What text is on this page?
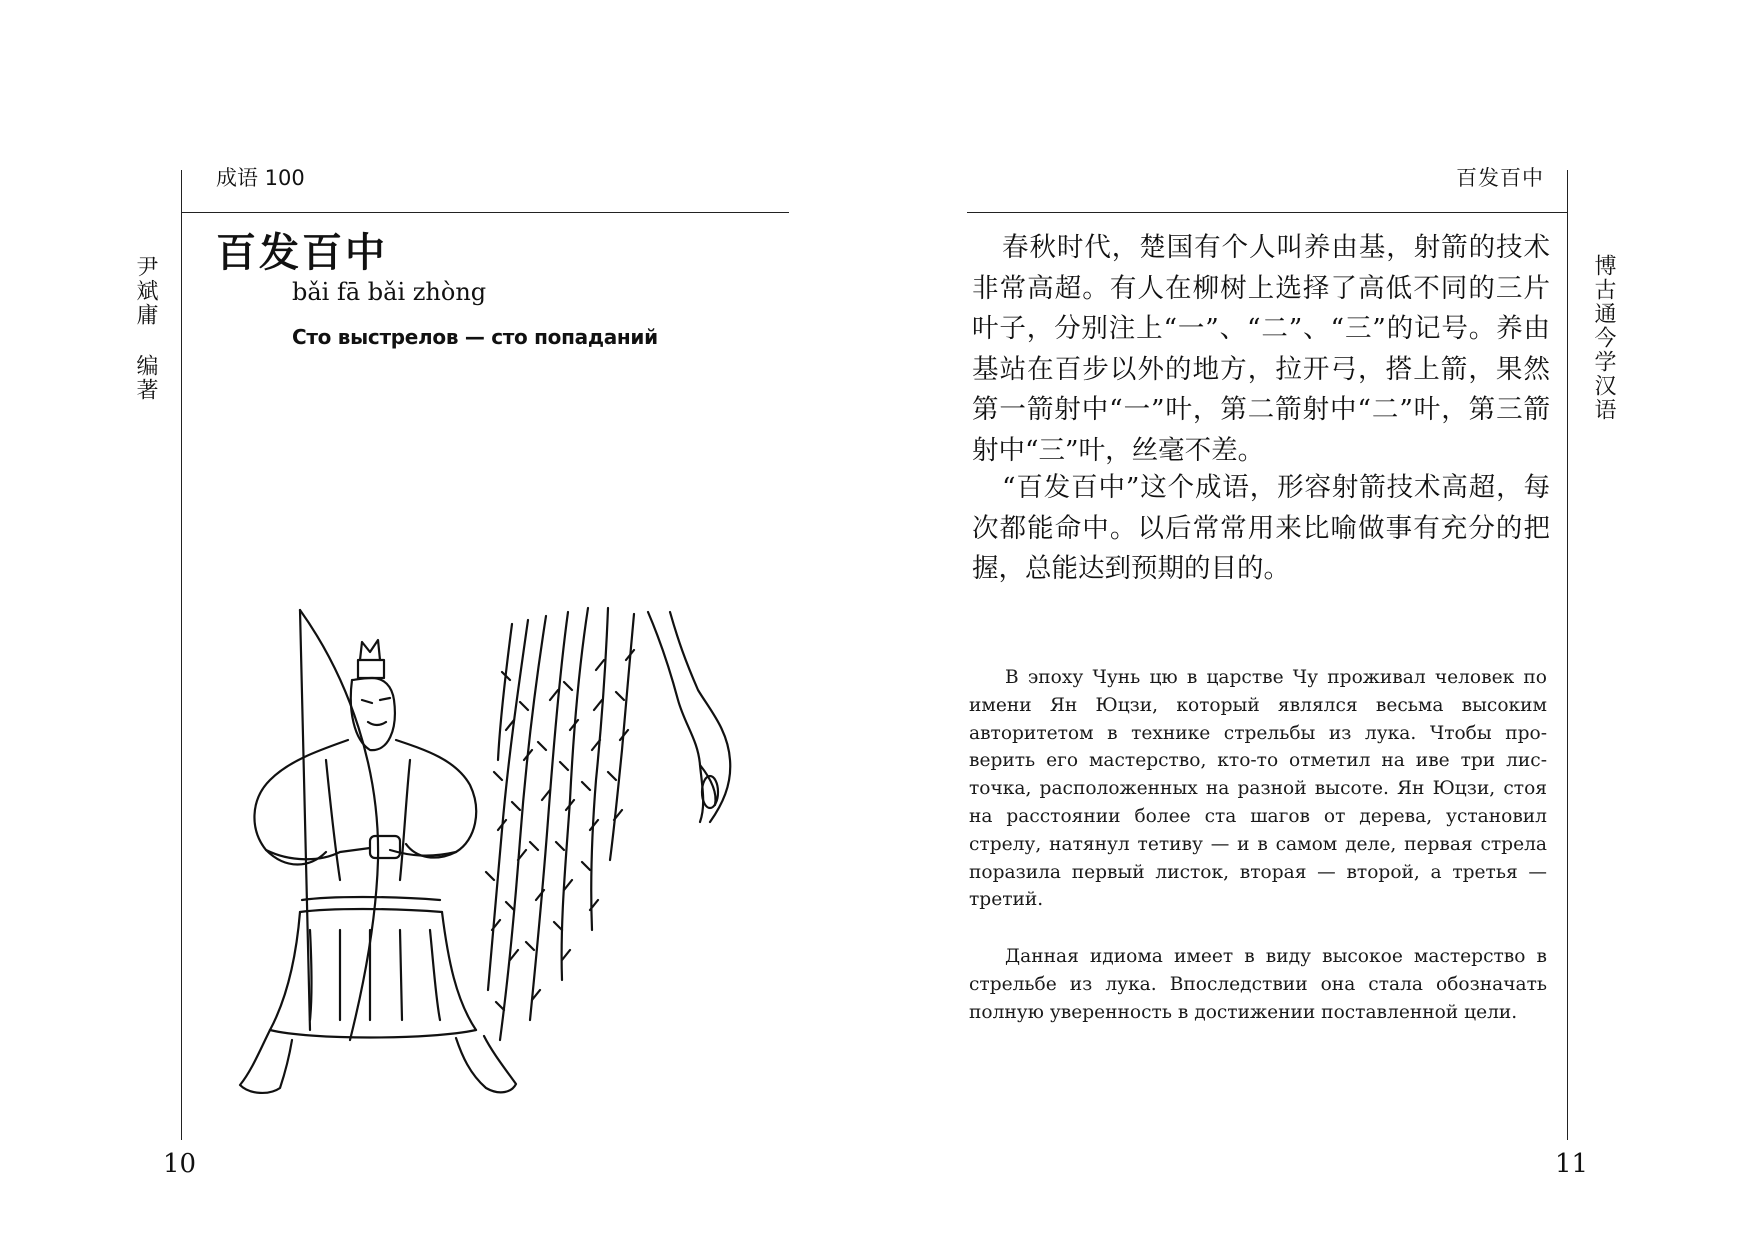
成语 100
尹斌庸 编著
百发百中
bǎi fā bǎi zhòng
Сто выстрелов — сто попаданий
10
百发百中
博古通今学汉语

春秋时代，楚国有个人叫养由基，射箭的技术非常高超。有人在柳树上选择了高低不同的三片叶子，分别注上“一”、“二”、“三”的记号。养由基站在百步以外的地方，拉开弓，搭上箭，果然第一箭射中“一”叶，第二箭射中“二”叶，第三箭射中“三”叶，丝毫不差。

“百发百中”这个成语，形容射箭技术高超，每次都能命中。以后常常用来比喻做事有充分的把握，总能达到预期的目的。

В эпоху Чунь цю в царстве Чу проживал человек по имени Ян Юцзи, который являлся весьма высоким авторитетом в технике стрельбы из лука. Чтобы проверить его мастерство, кто-то отметил на иве три листочка, расположенных на разной высоте. Ян Юцзи, стоя на расстоянии более ста шагов от дерева, установил стрелу, натянул тетиву — и в самом деле, первая стрела поразила первый листок, вторая — второй, а третья — третий.

Данная идиома имеет в виду высокое мастерство в стрельбе из лука. Впоследствии она стала обозначать полную уверенность в достижении поставленной цели.

11
